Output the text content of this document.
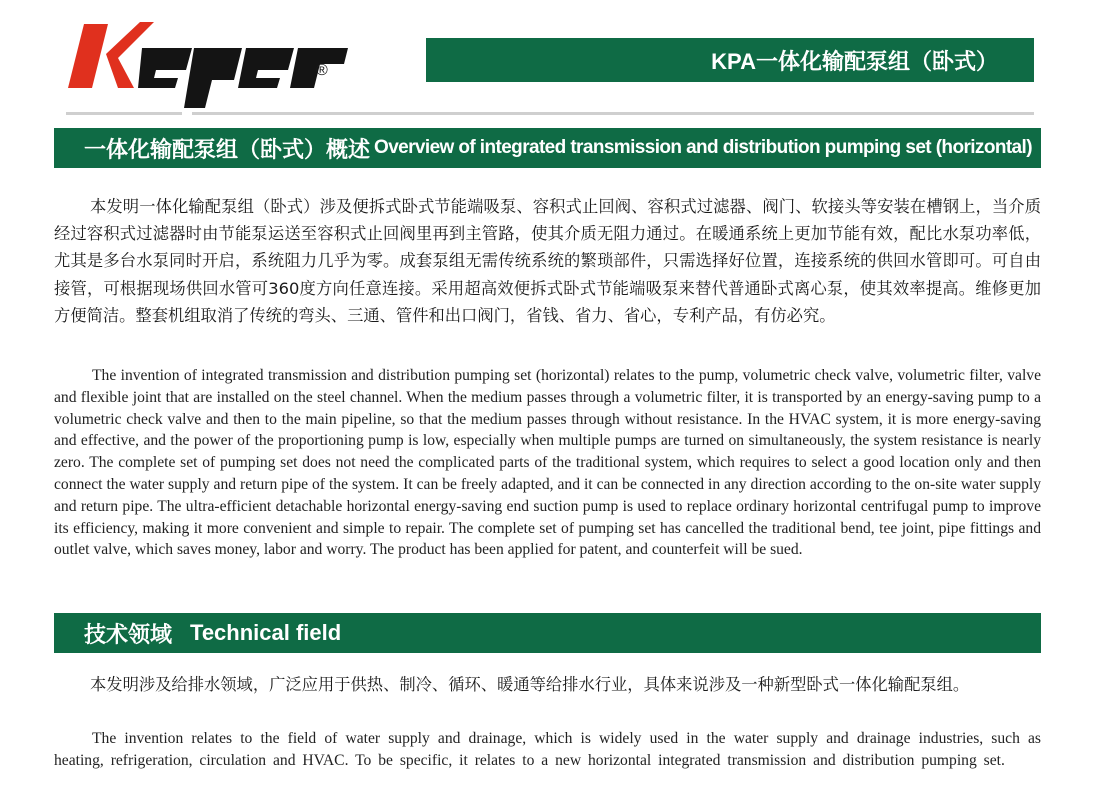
®	KPA一体化输配泵组（卧式）
一体化输配泵组（卧式）概述 Overview of integrated transmission and distribution pumping set (horizontal)

本发明一体化输配泵组（卧式）涉及便拆式卧式节能端吸泵、容积式止回阀、容积式过滤器、阀门、软接头等安装在槽钢上，当介质经过容积式过滤器时由节能泵运送至容积式止回阀里再到主管路，使其介质无阻力通过。在暖通系统上更加节能有效，配比水泵功率低，尤其是多台水泵同时开启，系统阻力几乎为零。成套泵组无需传统系统的繁琐部件，只需选择好位置，连接系统的供回水管即可。可自由接管，可根据现场供回水管可360度方向任意连接。采用超高效便拆式卧式节能端吸泵来替代普通卧式离心泵，使其效率提高。维修更加方便简洁。整套机组取消了传统的弯头、三通、管件和出口阀门，省钱、省力、省心，专利产品，有仿必究。

The invention of integrated transmission and distribution pumping set (horizontal) relates to the pump, volumetric check valve, volumetric filter, valve and flexible joint that are installed on the steel channel. When the medium passes through a volumetric filter, it is transported by an energy-saving pump to a volumetric check valve and then to the main pipeline, so that the medium passes through without resistance. In the HVAC system, it is more energy-saving and effective, and the power of the proportioning pump is low, especially when multiple pumps are turned on simultaneously, the system resistance is nearly zero. The complete set of pumping set does not need the complicated parts of the traditional system, which requires to select a good location only and then connect the water supply and return pipe of the system. It can be freely adapted, and it can be connected in any direction according to the on-site water supply and return pipe. The ultra-efficient detachable horizontal energy-saving end suction pump is used to replace ordinary horizontal centrifugal pump to improve its efficiency, making it more convenient and simple to repair. The complete set of pumping set has cancelled the traditional bend, tee joint, pipe fittings and outlet valve, which saves money, labor and worry. The product has been applied for patent, and counterfeit will be sued.

技术领域 Technical field

本发明涉及给排水领域，广泛应用于供热、制冷、循环、暖通等给排水行业，具体来说涉及一种新型卧式一体化输配泵组。

The invention relates to the field of water supply and drainage, which is widely used in the water supply and drainage industries, such as heating, refrigeration, circulation and HVAC. To be specific, it relates to a new horizontal integrated transmission and distribution pumping set.
